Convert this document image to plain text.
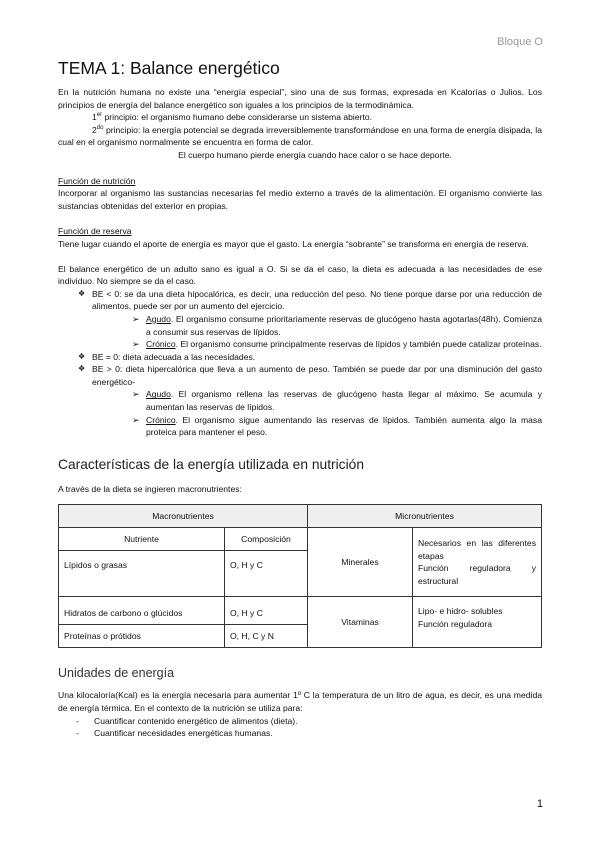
Bloque O
TEMA 1: Balance energético

En la nutrición humana no existe una “energía especial”, sino una de sus formas, expresada en Kcalorías o Julios. Los principios de energía del balance energético son iguales a los principios de la termodinámica.

1er principio: el organismo humano debe considerarse un sistema abierto.

$2^{do}$ principio: la energía potencial se degrada irreversiblemente transformándose en una forma de energía disipada, la cual en el organismo normalmente se encuentra en forma de calor.

El cuerpo humano pierde energía cuando hace calor o se hace deporte.

Función de nutrición

Incorporar al organismo las sustancias necesarias fel medio externo a través de la alimentación. El organismo convierte las sustancias obtenidas del exterior en propias.

Función de reserva

Tiene lugar cuando el aporte de energía es mayor que el gasto. La energía “sobrante” se transforma en energía de reserva.

El balance energético de un adulto sano es igual a O. Si se da el caso, la dieta es adecuada a las necesidades de ese individuo. No siempre se da el caso.

❖ BE < 0: se da una dieta hipocalórica, es decir, una reducción del peso. No tiene porque darse por una reducción de alimentos, puede ser por un aumento del ejercicio.
➢ Agudo. El organismo consume prioritariamente reservas de glucógeno hasta agotarlas(48h). Comienza a consumir sus reservas de lípidos.
➢ Crónico. El organismo consume principalmente reservas de lípidos y también puede catalizar proteínas.
❖ BE = 0: dieta adecuada a las necesidades.
❖ BE > 0: dieta hipercalórica que lleva a un aumento de peso. También se puede dar por una disminución del gasto energético-
➢ Agudo. El organismo rellena las reservas de glucógeno hasta llegar al máximo. Se acumula y aumentan las reservas de lípidos.
➢ Crónico. El organismo sigue aumentando las reservas de lípidos. También aumenta algo la masa proteica para mantener el peso.
Características de la energía utilizada en nutrición

A través de la dieta se ingieren macronutrientes:

Macronutrientes		Micronutrientes	
Nutriente	Composición	Minerales	Necesarios en las diferentes etapas
Función reguladora y estructural

Lípidos o grasas	O, H y C		
Hidratos de carbono o glúcidos	O, H y C	Vitaminas	Lipo- e hidro- solubles
Función reguladora

Proteínas o prótidos	O, H, C y N		
Unidades de energía

Una kilocaloría(Kcal) es la energía necesaria para aumentar 1º C la temperatura de un litro de agua, es decir, es una medida de energía térmica. En el contexto de la nutrición se utiliza para:

- Cuantificar contenido energético de alimentos (dieta).
- Cuantificar necesidades energéticas humanas.
1
